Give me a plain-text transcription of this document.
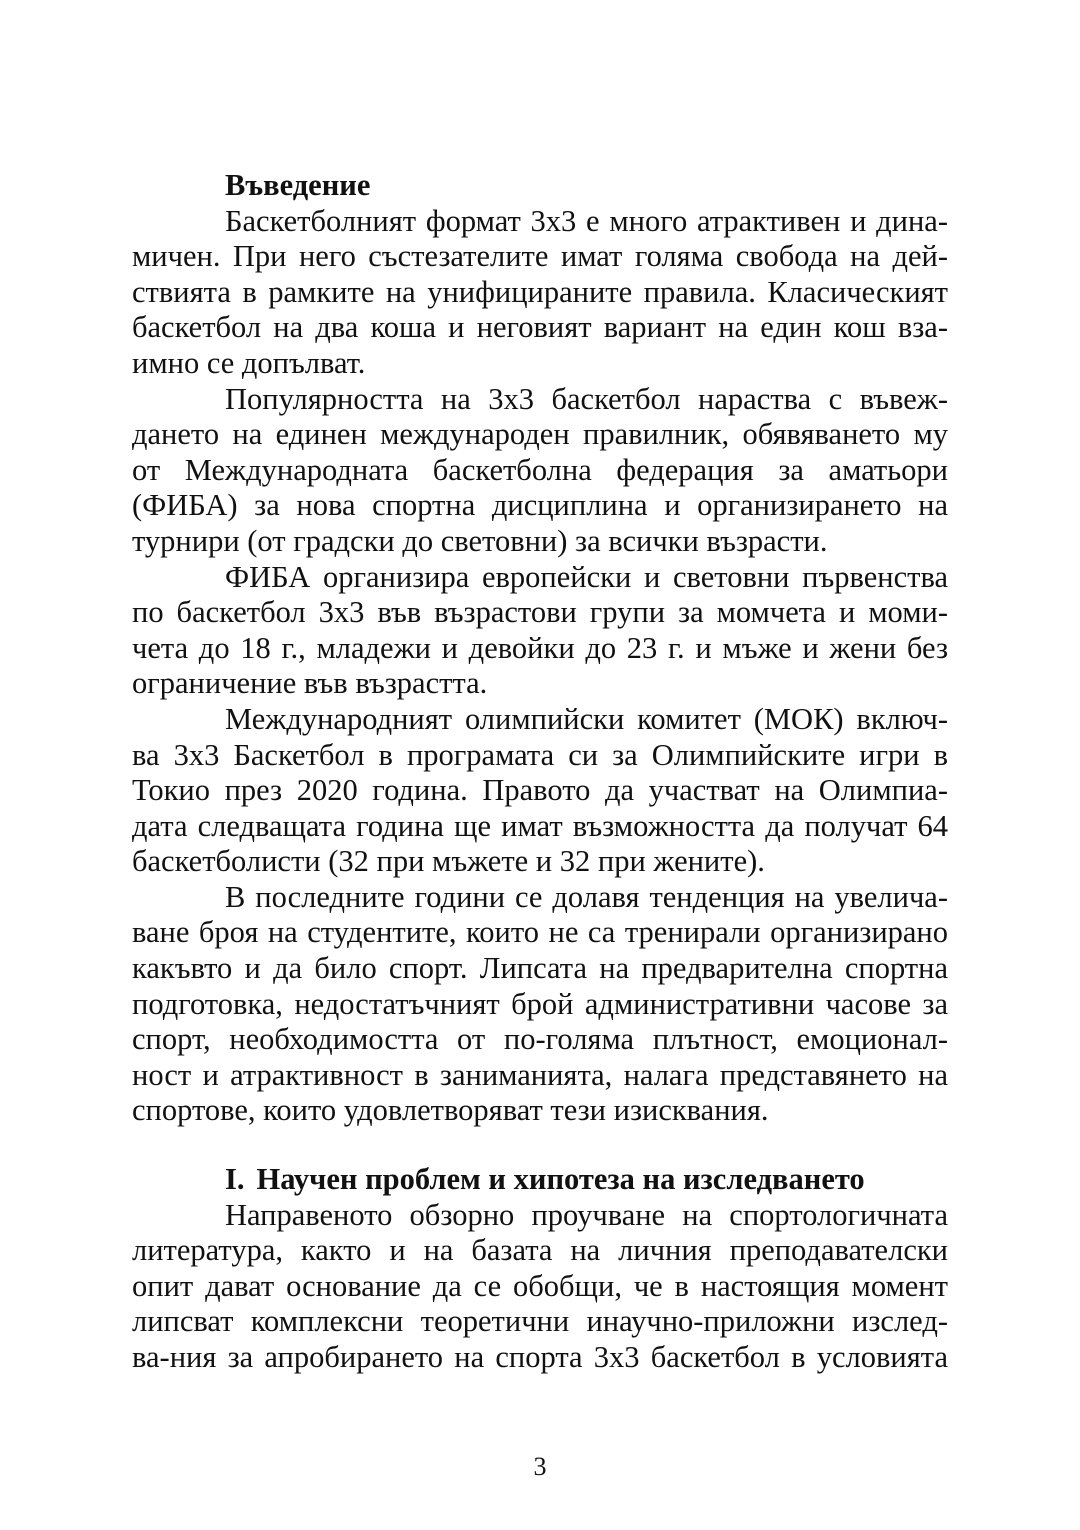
Въведение
Баскетболният формат 3х3 е много атрактивен и дина-
мичен. При него състезателите имат голяма свобода на дей-
ствията в рамките на унифицираните правила. Класическият
баскетбол на два коша и неговият вариант на един кош вза-
имно се допълват.
Популярността на 3х3 баскетбол нараства с въвеж-
дането на единен международен правилник, обявяването му
от Международната баскетболна федерация за аматьори
(ФИБА) за нова спортна дисциплина и организирането на
турнири (от градски до световни) за всички възрасти.
ФИБА организира европейски и световни първенства
по баскетбол 3х3 във възрастови групи за момчета и моми-
чета до 18 г., младежи и девойки до 23 г. и мъже и жени без
ограничение във възрастта.
Международният олимпийски комитет (МОК) включ-
ва 3х3 Баскетбол в програмата си за Олимпийските игри в
Токио през 2020 година. Правото да участват на Олимпиа-
дата следващата година ще имат възможността да получат 64
баскетболисти (32 при мъжете и 32 при жените).
В последните години се долавя тенденция на увелича-
ване броя на студентите, които не са тренирали организирано
какъвто и да било спорт. Липсата на предварителна спортна
подготовка, недостатъчният брой административни часове за
спорт, необходимостта от по-голяма плътност, емоционал-
ност и атрактивност в заниманията, налага представянето на
спортове, които удовлетворяват тези изисквания.
I. Научен проблем и хипотеза на изследването
Направеното обзорно проучване на спортологичната
литература, както и на базата на личния преподавателски
опит дават основание да се обобщи, че в настоящия момент
липсват комплексни теоретични инаучно-приложни изслед-
ва-ния за апробирането на спорта 3х3 баскетбол в условията
3
